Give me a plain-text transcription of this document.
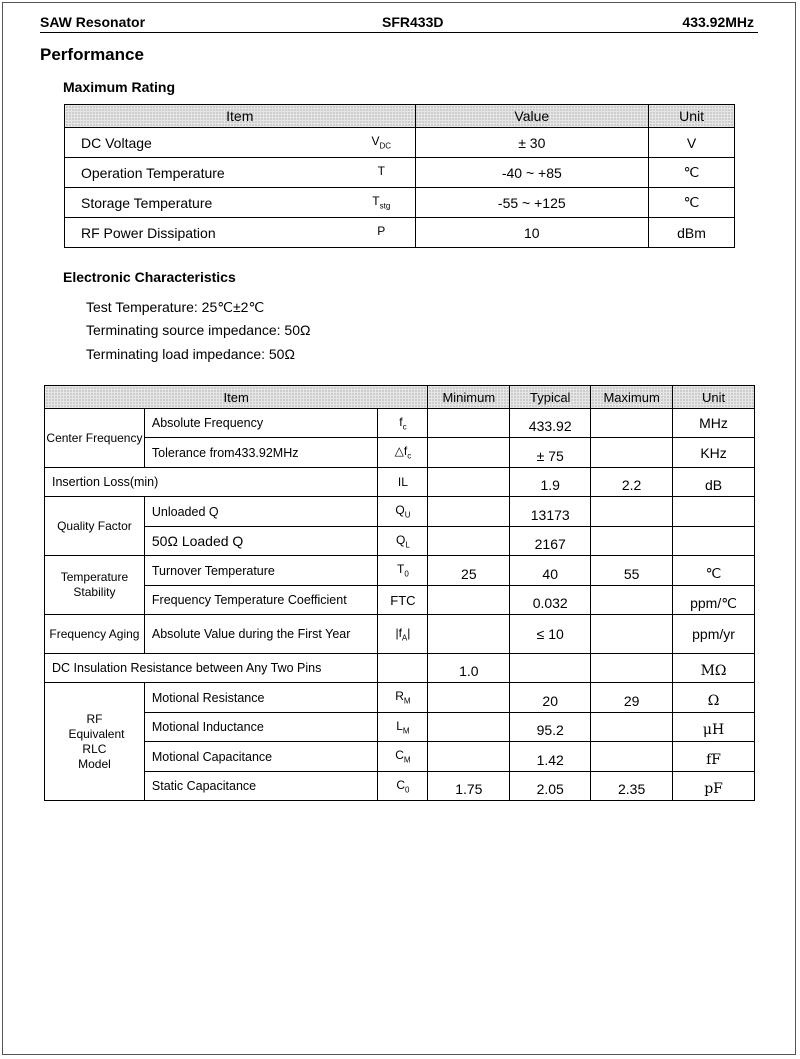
SAW Resonator	SFR433D	433.92MHz
Performance
Maximum Rating
Item		Value	Unit
DC Voltage	$V_{DC}$	± 30	V
Operation Temperature	T	-40 ~ +85	℃
Storage Temperature	$T_{stg}$	-55 ~ +125	℃
RF Power Dissipation	P	10	dBm
Electronic Characteristics
Test Temperature: 25℃±2℃
Terminating source impedance: 50Ω
Terminating load impedance: 50Ω
Item			Minimum	Typical	Maximum	Unit
Center Frequency	Absolute Frequency	$f_c$		433.92		MHz
	Tolerance from433.92MHz	$\triangle f_c$		± 75		KHz
Insertion Loss(min)		IL		1.9	2.2	dB
Quality Factor	Unloaded Q	$Q_U$		13173		
	50Ω Loaded Q	$Q_L$		2167		
Temperature Stability	Turnover Temperature	$T_0$	25	40	55	℃
	Frequency Temperature Coefficient	FTC		0.032		ppm/℃
Frequency Aging	Absolute Value during the First Year	$|f_A|$		≤ 10		ppm/yr
DC Insulation Resistance between Any Two Pins			1.0			MΩ

RF Equivalent RLC Model	Motional Resistance	$R_M$		20	29	Ω
	Motional Inductance	$L_M$		95.2		μH
	Motional Capacitance	$C_M$		1.42		fF
	Static Capacitance	$C_0$	1.75	2.05	2.35	pF
